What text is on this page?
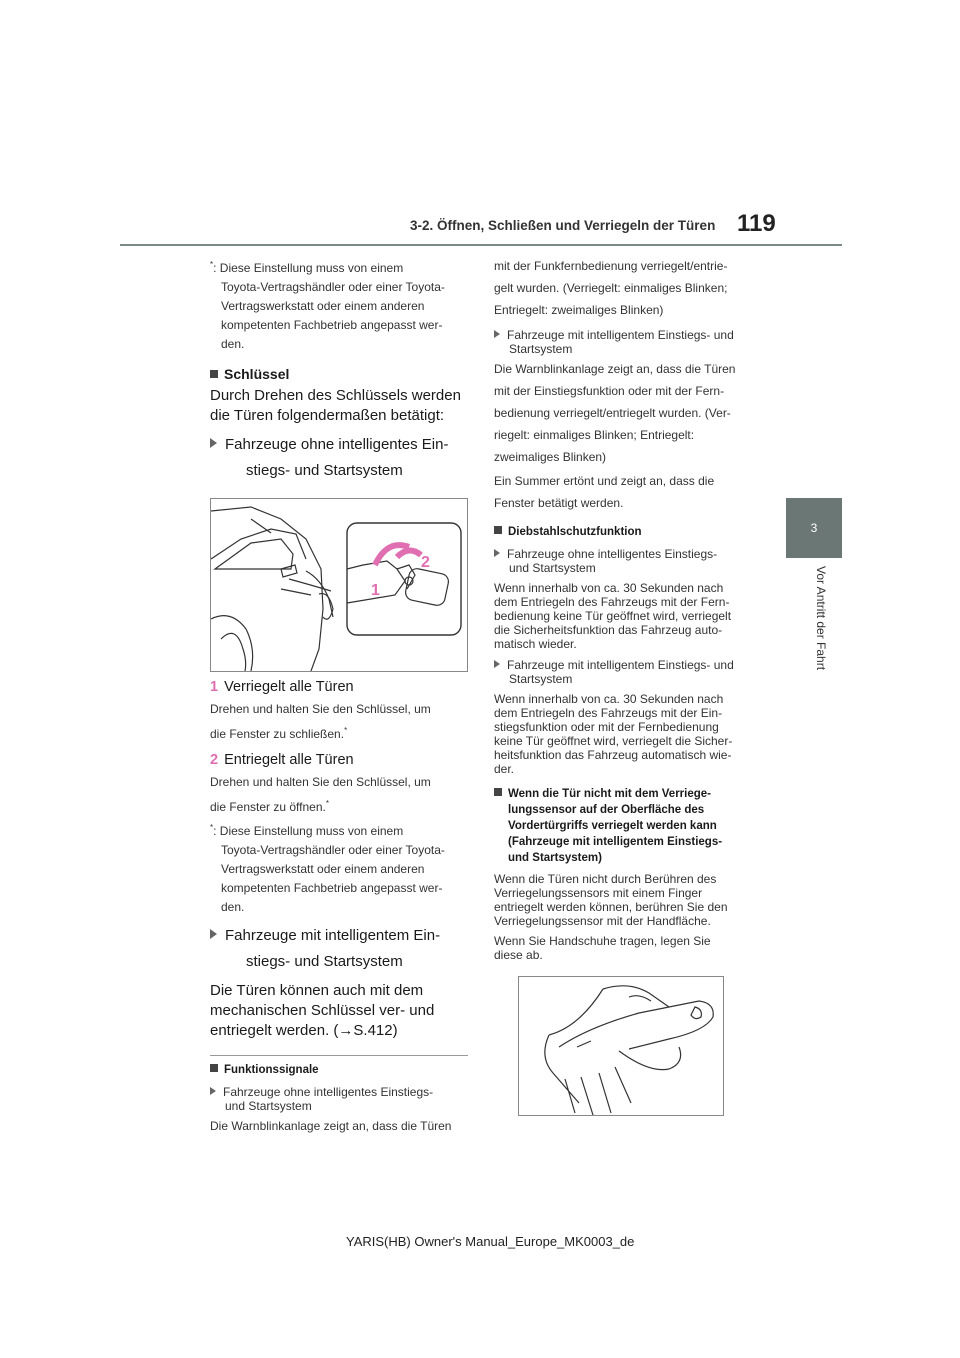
3-2. Öffnen, Schließen und Verriegeln der Türen 119
3
Vor Antritt der Fahrt

*: Diese Einstellung muss von einem

Toyota-Vertragshändler oder einer Toyota-

Vertragswerkstatt oder einem anderen

kompetenten Fachbetrieb angepasst wer-

den.

Schlüssel

Durch Drehen des Schlüssels werden

die Türen folgendermaßen betätigt:

Fahrzeuge ohne intelligentes Ein-
stiegs- und Startsystem
2
1
1 Verriegelt alle Türen

Drehen und halten Sie den Schlüssel, um

die Fenster zu schließen.*

2 Entriegelt alle Türen

Drehen und halten Sie den Schlüssel, um

die Fenster zu öffnen.*

*: Diese Einstellung muss von einem

Toyota-Vertragshändler oder einer Toyota-

Vertragswerkstatt oder einem anderen

kompetenten Fachbetrieb angepasst wer-

den.

Fahrzeuge mit intelligentem Ein-
stiegs- und Startsystem

Die Türen können auch mit dem

mechanischen Schlüssel ver- und

entriegelt werden. (→S.412)

Funktionssignale
Fahrzeuge ohne intelligentes Einstiegs-
und Startsystem
Die Warnblinkanlage zeigt an, dass die Türen

mit der Funkfernbedienung verriegelt/entrie-

gelt wurden. (Verriegelt: einmaliges Blinken;

Entriegelt: zweimaliges Blinken)

Fahrzeuge mit intelligentem Einstiegs- und
Startsystem

Die Warnblinkanlage zeigt an, dass die Türen

mit der Einstiegsfunktion oder mit der Fern-

bedienung verriegelt/entriegelt wurden. (Ver-

riegelt: einmaliges Blinken; Entriegelt:

zweimaliges Blinken)

Ein Summer ertönt und zeigt an, dass die

Fenster betätigt werden.

Diebstahlschutzfunktion
Fahrzeuge ohne intelligentes Einstiegs-
und Startsystem

Wenn innerhalb von ca. 30 Sekunden nach

dem Entriegeln des Fahrzeugs mit der Fern-

bedienung keine Tür geöffnet wird, verriegelt

die Sicherheitsfunktion das Fahrzeug auto-

matisch wieder.

Fahrzeuge mit intelligentem Einstiegs- und
Startsystem

Wenn innerhalb von ca. 30 Sekunden nach

dem Entriegeln des Fahrzeugs mit der Ein-

stiegsfunktion oder mit der Fernbedienung

keine Tür geöffnet wird, verriegelt die Sicher-

heitsfunktion das Fahrzeug automatisch wie-

der.

Wenn die Tür nicht mit dem Verriege-

lungssensor auf der Oberfläche des

Vordertürgriffs verriegelt werden kann

(Fahrzeuge mit intelligentem Einstiegs-

und Startsystem)

Wenn die Türen nicht durch Berühren des

Verriegelungssensors mit einem Finger

entriegelt werden können, berühren Sie den

Verriegelungssensor mit der Handfläche.

Wenn Sie Handschuhe tragen, legen Sie

diese ab.

YARIS(HB) Owner's Manual_Europe_MK0003_de
